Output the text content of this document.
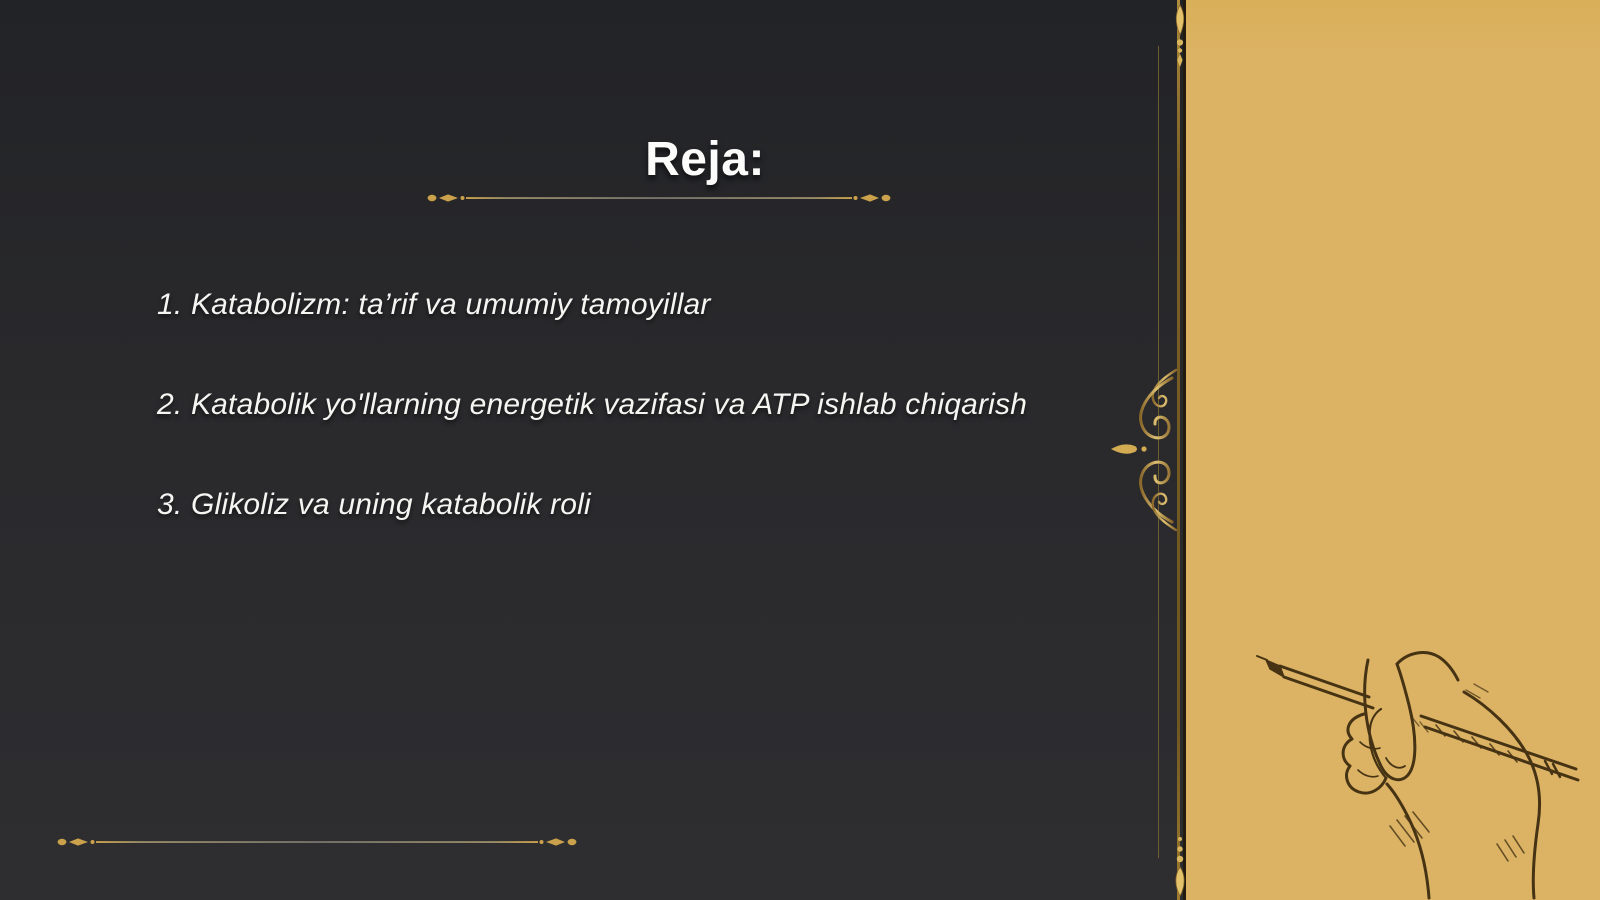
Reja:
1. Katabolizm: ta’rif va umumiy tamoyillar
2. Katabolik yo'llarning energetik vazifasi va ATP ishlab chiqarish
3. Glikoliz va uning katabolik roli
